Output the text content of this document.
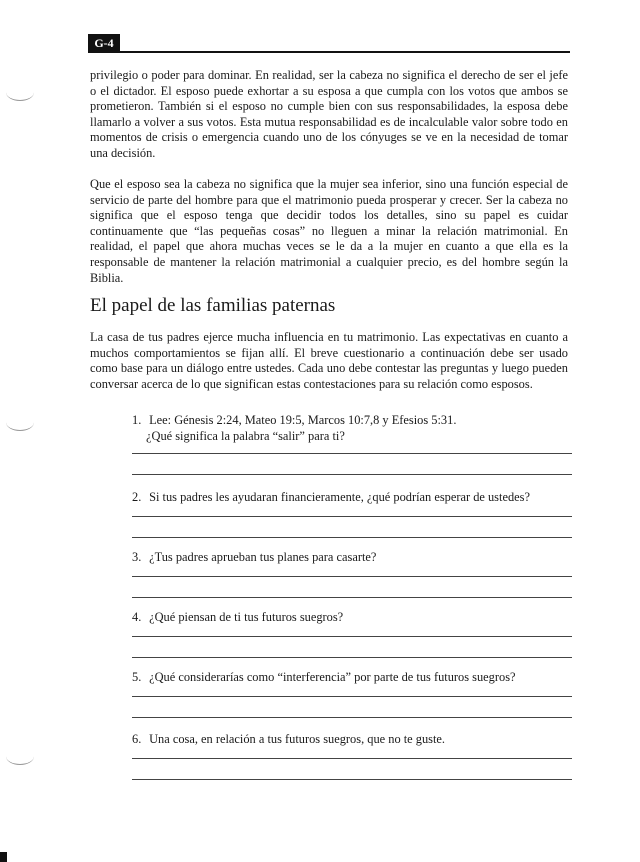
G-4

privilegio o poder para dominar. En realidad, ser la cabeza no significa el derecho de ser el jefe o el dictador. El esposo puede exhortar a su esposa a que cumpla con los votos que ambos se prometieron. También si el esposo no cumple bien con sus responsabilidades, la esposa debe llamarlo a volver a sus votos. Esta mutua responsabilidad es de incalculable valor sobre todo en momentos de crisis o emergencia cuando uno de los cónyuges se ve en la necesidad de tomar una decisión.

Que el esposo sea la cabeza no significa que la mujer sea inferior, sino una función especial de servicio de parte del hombre para que el matrimonio pueda prosperar y crecer. Ser la cabeza no significa que el esposo tenga que decidir todos los detalles, sino su papel es cuidar continuamente que “las pequeñas cosas” no lleguen a minar la relación matrimonial. En realidad, el papel que ahora muchas veces se le da a la mujer en cuanto a que ella es la responsable de mantener la relación matrimonial a cualquier precio, es del hombre según la Biblia.

El papel de las familias paternas

La casa de tus padres ejerce mucha influencia en tu matrimonio. Las expectativas en cuanto a muchos comportamientos se fijan allí. El breve cuestionario a continuación debe ser usado como base para un diálogo entre ustedes. Cada uno debe contestar las preguntas y luego pueden conversar acerca de lo que significan estas contestaciones para su relación como esposos.

1. Lee: Génesis 2:24, Mateo 19:5, Marcos 10:7,8 y Efesios 5:31.

¿Qué significa la palabra “salir” para ti?

2. Si tus padres les ayudaran financieramente, ¿qué podrían esperar de ustedes?

3. ¿Tus padres aprueban tus planes para casarte?

4. ¿Qué piensan de ti tus futuros suegros?

5. ¿Qué considerarías como “interferencia” por parte de tus futuros suegros?

6. Una cosa, en relación a tus futuros suegros, que no te guste.
